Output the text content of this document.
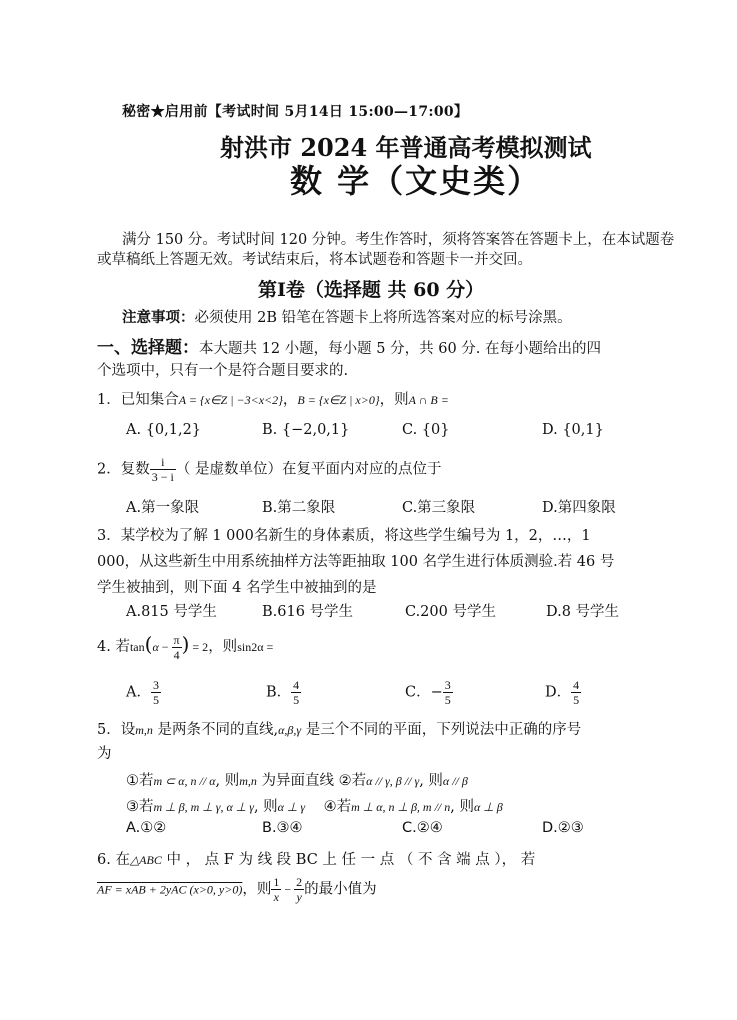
秘密★启用前【考试时间 5月14日 15:00—17:00】
射洪市 2024 年普通高考模拟测试
数 学（文史类）
满分 150 分。考试时间 120 分钟。考生作答时，须将答案答在答题卡上，在本试题卷
或草稿纸上答题无效。考试结束后，将本试题卷和答题卡一并交回。
第Ⅰ卷（选择题 共 60 分）
注意事项：必须使用 2B 铅笔在答题卡上将所选答案对应的标号涂黑。
一、选择题：本大题共 12 小题，每小题 5 分，共 60 分. 在每小题给出的四
个选项中，只有一个是符合题目要求的.
1．已知集合A = {x∈Z | −3<x<2}，B = {x∈Z | x>0}，则A ∩ B =
A. {0,1,2}	B. {−2,0,1}	C. {0}	D. {0,1}
2．复数 $\frac{i}{3 - i}$ （ 是虚数单位）在复平面内对应的点位于
A.第一象限	B.第二象限	C.第三象限	D.第四象限
3．某学校为了解 1 000名新生的身体素质，将这些学生编号为 1，2，…，1
000，从这些新生中用系统抽样方法等距抽取 100 名学生进行体质测验.若 46 号
学生被抽到，则下面 4 名学生中被抽到的是
A.815 号学生	B.616 号学生	C.200 号学生	D.8 号学生
4. 若$\tan(\alpha - \frac{\pi}{4}$ ) = 2，则sin2α =
A． $\frac{3}{5}$	B． $\frac{4}{5}$	C．− $\frac{3}{5}$	D． $\frac{4}{5}$
5．设m,n 是两条不同的直线,α,β,γ 是三个不同的平面，下列说法中正确的序号
为
①若m ⊂ α, n // α, 则m,n 为异面直线 ②若α // γ, β // γ, 则α // β
③若m ⊥ β, m ⊥ γ, α ⊥ γ, 则α ⊥ γ ④若m ⊥ α, n ⊥ β, m // n, 则α ⊥ β
A.①②	B.③④	C.②④	D.②③
6. 在△ABC 中 ， 点 F 为 线 段 BC 上 任 一 点 （ 不 含 端 点 ）， 若
AF = xAB + 2yAC (x>0, y>0)，则 $\frac{1}{x} - \frac{2}{y}$ 的最小值为
